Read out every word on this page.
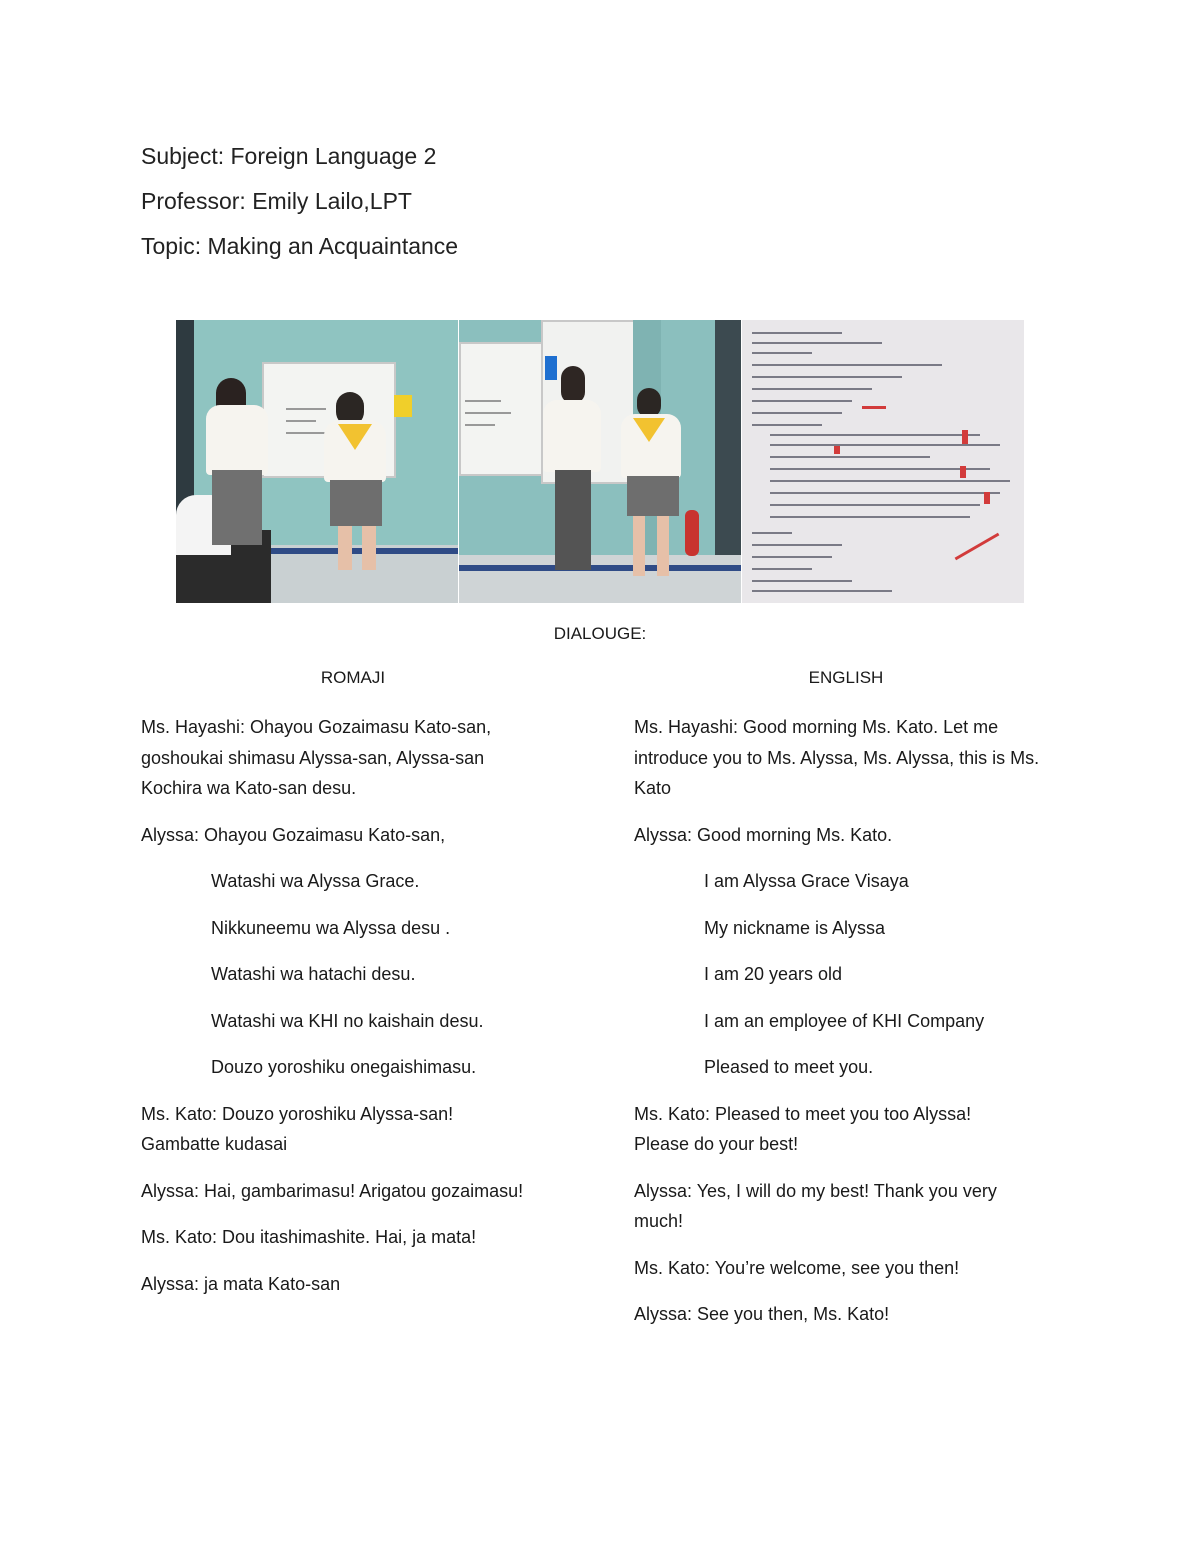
Subject: Foreign Language 2
Professor: Emily Lailo,LPT
Topic: Making an Acquaintance
DIALOUGE:
ROMAJI	ENGLISH

Ms. Hayashi: Ohayou Gozaimasu Kato-san, goshoukai shimasu Alyssa-san, Alyssa-san Kochira wa Kato-san desu.

Alyssa: Ohayou Gozaimasu Kato-san,

Watashi wa Alyssa Grace.

Nikkuneemu wa Alyssa desu .

Watashi wa hatachi desu.

Watashi wa KHI no kaishain desu.

Douzo yoroshiku onegaishimasu.

Ms. Kato: Douzo yoroshiku Alyssa-san! Gambatte kudasai

Alyssa: Hai, gambarimasu! Arigatou gozaimasu!

Ms. Kato: Dou itashimashite. Hai, ja mata!

Alyssa: ja mata Kato-san

Ms. Hayashi: Good morning Ms. Kato. Let me introduce you to Ms. Alyssa, Ms. Alyssa, this is Ms. Kato

Alyssa: Good morning Ms. Kato.

I am Alyssa Grace Visaya

My nickname is Alyssa

I am 20 years old

I am an employee of KHI Company

Pleased to meet you.

Ms. Kato: Pleased to meet you too Alyssa! Please do your best!

Alyssa: Yes, I will do my best! Thank you very much!

Ms. Kato: You’re welcome, see you then!

Alyssa: See you then, Ms. Kato!
